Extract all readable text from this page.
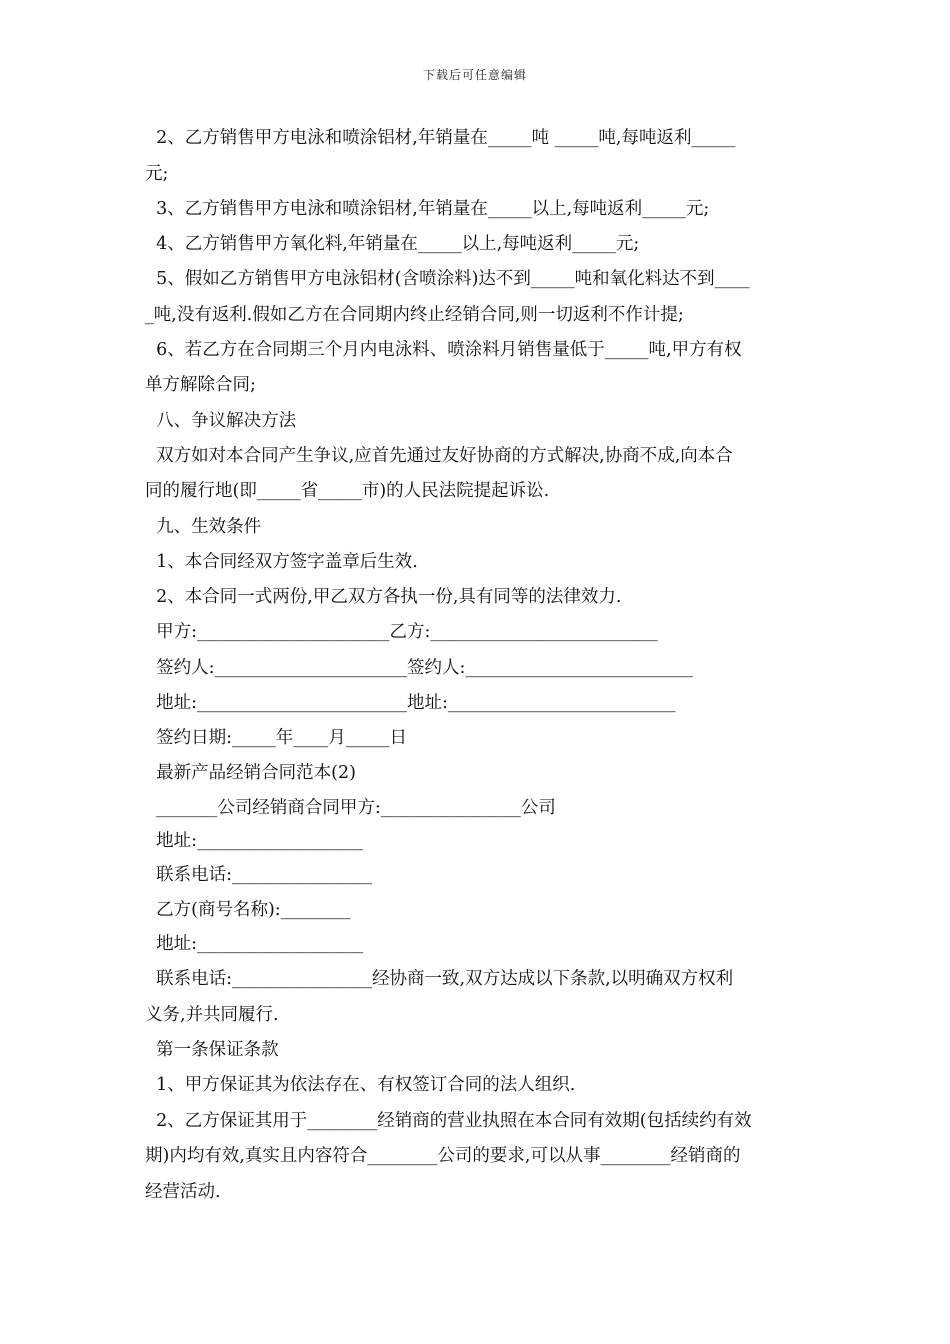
下载后可任意编辑
2、乙方销售甲方电泳和喷涂铝材,年销量在_____吨 _____吨,每吨返利_____
元;
3、乙方销售甲方电泳和喷涂铝材,年销量在_____以上,每吨返利_____元;
4、乙方销售甲方氧化料,年销量在_____以上,每吨返利_____元;
5、假如乙方销售甲方电泳铝材(含喷涂料)达不到_____吨和氧化料达不到____
_吨,没有返利.假如乙方在合同期内终止经销合同,则一切返利不作计提;
6、若乙方在合同期三个月内电泳料、喷涂料月销售量低于_____吨,甲方有权
单方解除合同;
八、争议解决方法
双方如对本合同产生争议,应首先通过友好协商的方式解决,协商不成,向本合
同的履行地(即_____省_____市)的人民法院提起诉讼.
九、生效条件
1、本合同经双方签字盖章后生效.
2、本合同一式两份,甲乙双方各执一份,具有同等的法律效力.
甲方:______________________乙方:__________________________
签约人:______________________签约人:__________________________
地址:________________________地址:__________________________
签约日期:_____年____月_____日
最新产品经销合同范本(2)
_______公司经销商合同甲方:________________公司
地址:___________________
联系电话:________________
乙方(商号名称):________
地址:___________________
联系电话:________________经协商一致,双方达成以下条款,以明确双方权利
义务,并共同履行.
第一条保证条款
1、甲方保证其为依法存在、有权签订合同的法人组织.
2、乙方保证其用于________经销商的营业执照在本合同有效期(包括续约有效
期)内均有效,真实且内容符合________公司的要求,可以从事________经销商的
经营活动.
